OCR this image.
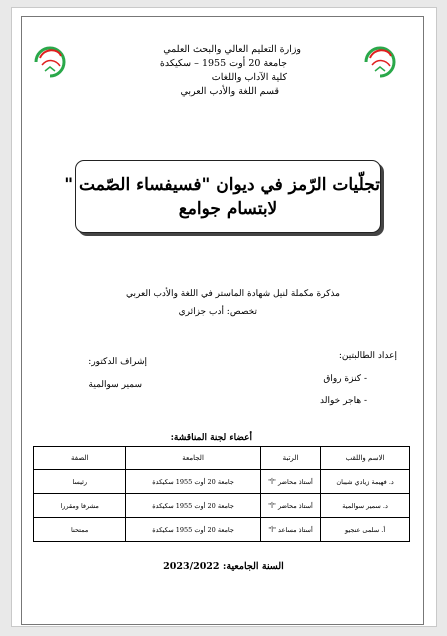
وزارة التعليم العالي والبحث العلمي
جامعة 20 أوت 1955 – سكيكدة
كلية الآداب واللغات
قسم اللغة والأدب العربي
تجلّيات الرّمز في ديوان "فسيفساء الصّمت "
لابتسام جوامع
مذكرة مكملة لنيل شهادة الماستر في اللغة والأدب العربي
تخصص: أدب جزائري
إعداد الطالبتين:
- كنزة رواق
- هاجر خوالد
إشراف الدكتور:
سمير سوالمية
أعضاء لجنة المناقشة:
الاسم واللقب	الرتبة	الجامعة	الصفة
د. فهيمة زيادي شيبان	أستاذ محاضر "أ"	جامعة 20 أوت 1955 سكيكدة	رئيسا
د. سمير سوالمية	أستاذ محاضر "أ"	جامعة 20 أوت 1955 سكيكدة	مشرفا ومقررا
أ. سلمى عنجيو	أستاذ مساعد "أ"	جامعة 20 أوت 1955 سكيكدة	ممتحنا
السنة الجامعية: 2023/2022
